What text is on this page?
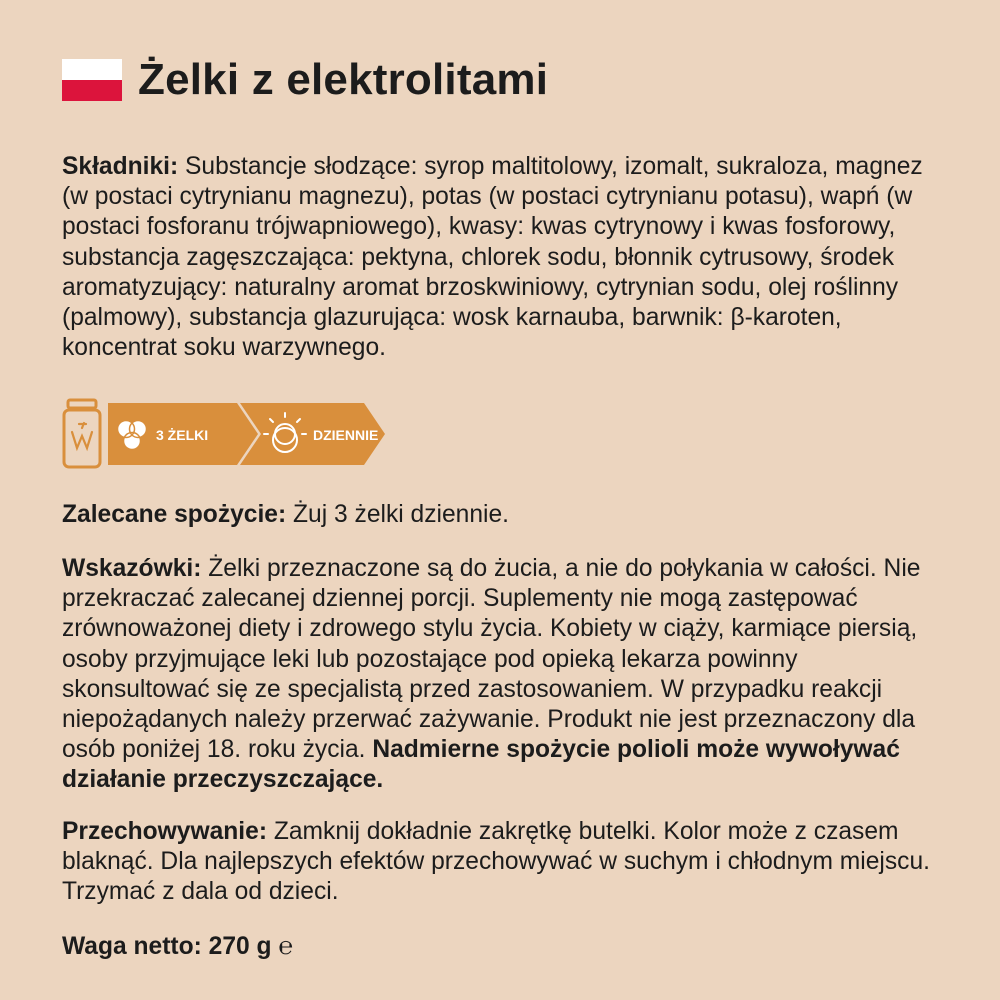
Żelki z elektrolitami

Składniki: Substancje słodzące: syrop maltitolowy, izomalt, sukraloza, magnez (w postaci cytrynianu magnezu), potas (w postaci cytrynianu potasu), wapń (w postaci fosforanu trójwapniowego), kwasy: kwas cytrynowy i kwas fosforowy, substancja zagęszczająca: pektyna, chlorek sodu, błonnik cytrusowy, środek aromatyzujący: naturalny aromat brzoskwiniowy, cytrynian sodu, olej roślinny (palmowy), substancja glazurująca: wosk karnauba, barwnik: β-karoten, koncentrat soku warzywnego.

3 ŻELKI	DZIENNIE

Zalecane spożycie: Żuj 3 żelki dziennie.

Wskazówki: Żelki przeznaczone są do żucia, a nie do połykania w całości. Nie przekraczać zalecanej dziennej porcji. Suplementy nie mogą zastępować zrównoważonej diety i zdrowego stylu życia. Kobiety w ciąży, karmiące piersią, osoby przyjmujące leki lub pozostające pod opieką lekarza powinny skonsultować się ze specjalistą przed zastosowaniem. W przypadku reakcji niepożądanych należy przerwać zażywanie. Produkt nie jest przeznaczony dla osób poniżej 18. roku życia. Nadmierne spożycie polioli może wywoływać działanie przeczyszczające.

Przechowywanie: Zamknij dokładnie zakrętkę butelki. Kolor może z czasem blaknąć. Dla najlepszych efektów przechowywać w suchym i chłodnym miejscu. Trzymać z dala od dzieci.

Waga netto: 270 g ℮
